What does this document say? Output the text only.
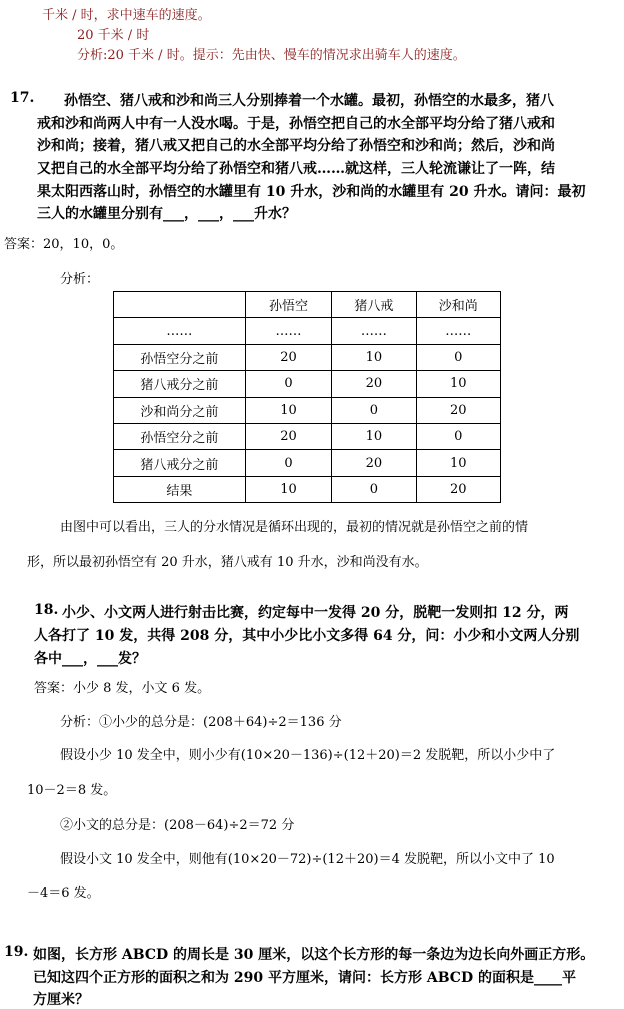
千米 / 时，求中速车的速度。
20 千米 / 时
分析:20 千米 / 时。提示：先由快、慢车的情况求出骑车人的速度。
17. 孙悟空、猪八戒和沙和尚三人分别捧着一个水罐。最初，孙悟空的水最多，猪八
戒和沙和尚两人中有一人没水喝。于是，孙悟空把自己的水全部平均分给了猪八戒和
沙和尚；接着，猪八戒又把自己的水全部平均分给了孙悟空和沙和尚；然后，沙和尚
又把自己的水全部平均分给了孙悟空和猪八戒……就这样，三人轮流谦让了一阵，结
果太阳西落山时，孙悟空的水罐里有 10 升水，沙和尚的水罐里有 20 升水。请问：最初
三人的水罐里分别有___，___，___升水？
答案：20，10，0。
分析：
	孙悟空	猪八戒	沙和尚
……	……	……	……
孙悟空分之前	20	10	0
猪八戒分之前	0	20	10
沙和尚分之前	10	0	20
孙悟空分之前	20	10	0
猪八戒分之前	0	20	10
结果	10	0	20
由图中可以看出，三人的分水情况是循环出现的，最初的情况就是孙悟空之前的情
形，所以最初孙悟空有 20 升水，猪八戒有 10 升水，沙和尚没有水。
18. 小少、小文两人进行射击比赛，约定每中一发得 20 分，脱靶一发则扣 12 分，两
人各打了 10 发，共得 208 分，其中小少比小文多得 64 分，问：小少和小文两人分别
各中___，___发？
答案：小少 8 发，小文 6 发。
分析：①小少的总分是：(208＋64)÷2＝136 分
假设小少 10 发全中，则小少有(10×20－136)÷(12＋20)＝2 发脱靶，所以小少中了
10－2＝8 发。
②小文的总分是：(208－64)÷2＝72 分
假设小文 10 发全中，则他有(10×20－72)÷(12＋20)＝4 发脱靶，所以小文中了 10
－4＝6 发。
19. 如图，长方形 ABCD 的周长是 30 厘米，以这个长方形的每一条边为边长向外画正方形。
已知这四个正方形的面积之和为 290 平方厘米，请问：长方形 ABCD 的面积是____平
方厘米？
